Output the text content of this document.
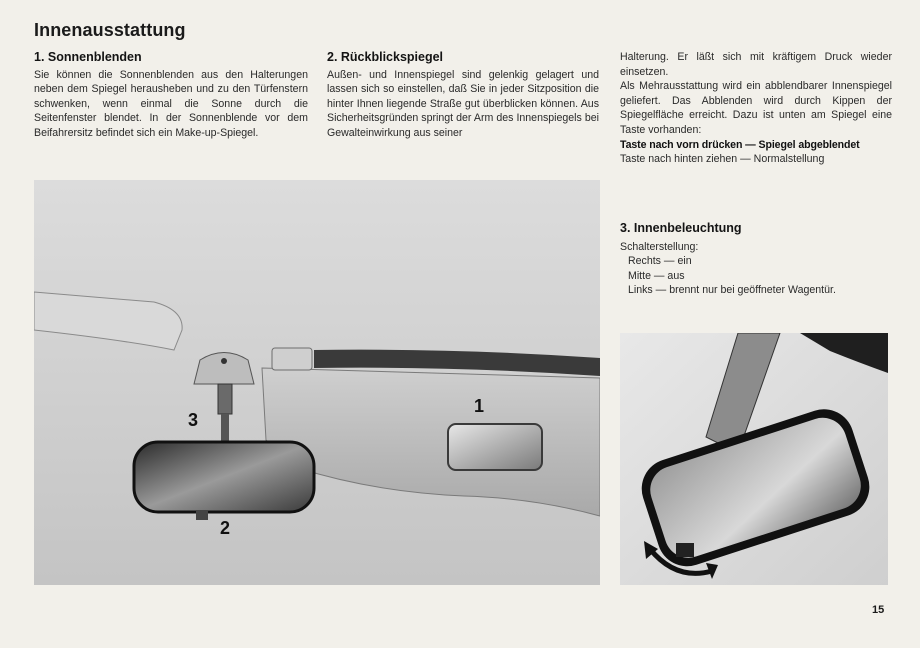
Innenausstattung
1. Sonnenblenden

Sie können die Sonnenblenden aus den Halterungen neben dem Spiegel herausheben und zu den Türfenstern schwenken, wenn einmal die Sonne durch die Seitenfenster blendet. In der Sonnenblende vor dem Beifahrersitz befindet sich ein Make-up-Spiegel.

2. Rückblickspiegel

Außen- und Innenspiegel sind gelenkig gelagert und lassen sich so einstellen, daß Sie in jeder Sitzposition die hinter Ihnen liegende Straße gut überblicken können. Aus Sicherheitsgründen springt der Arm des Innenspiegels bei Gewalteinwirkung aus seiner

Halterung. Er läßt sich mit kräftigem Druck wieder einsetzen.

Als Mehrausstattung wird ein abblendbarer Innenspiegel geliefert. Das Abblenden wird durch Kippen der Spiegelfläche erreicht. Dazu ist unten am Spiegel eine Taste vorhanden:

Taste nach vorn drücken — Spiegel abgeblendet

Taste nach hinten ziehen — Normalstellung

3. Innenbeleuchtung
Schalterstellung:
Rechts — ein
Mitte — aus
Links — brennt nur bei geöffneter Wagentür.
3
2
1
15
